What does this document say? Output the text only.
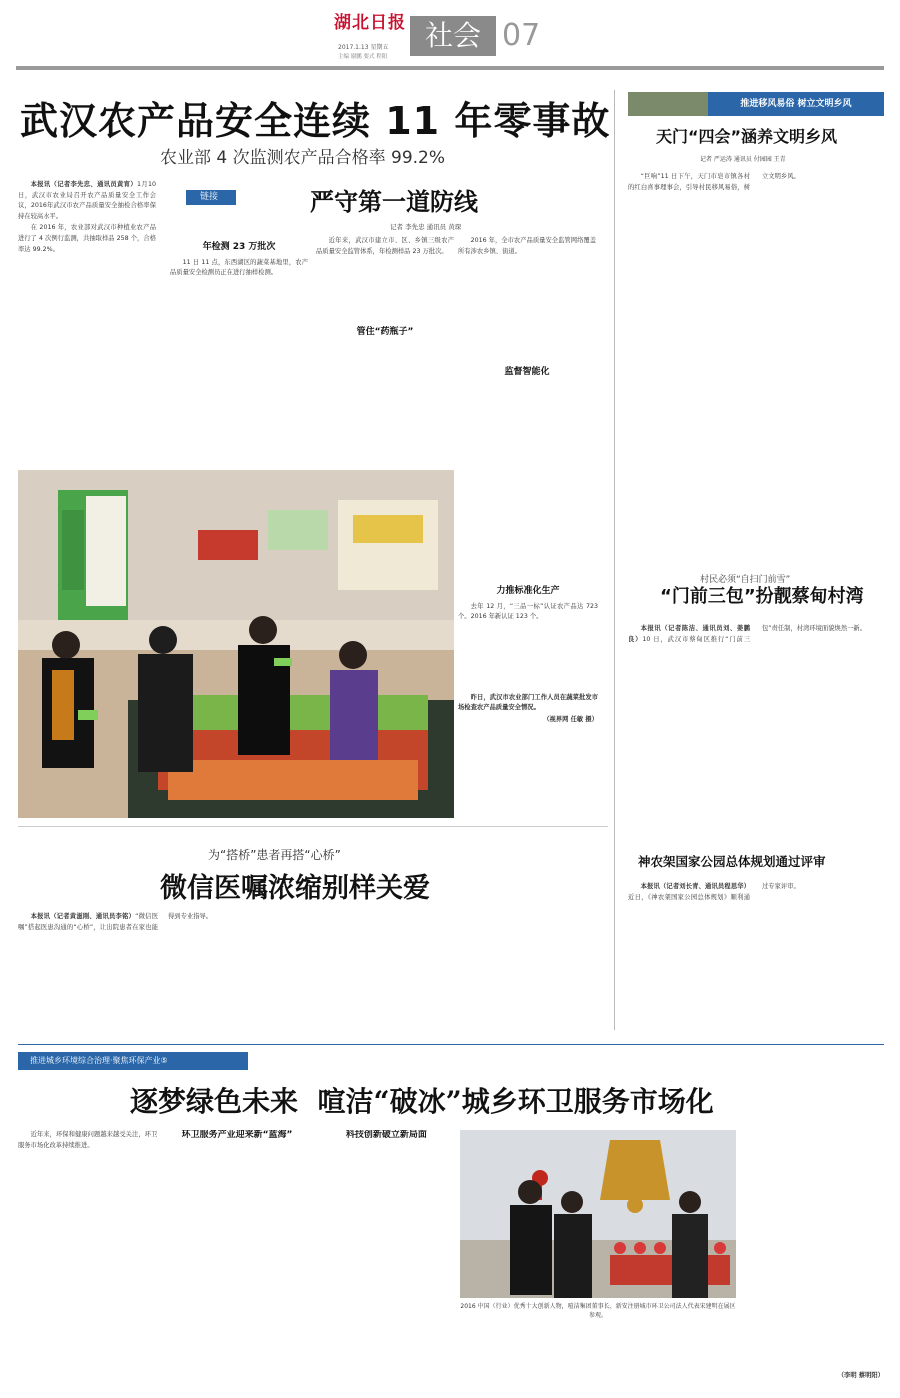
湖北日报
2017.1.13 星期五
主编 谢鹏 要式 程阳
社会 07
武汉农产品安全连续 11 年零事故
农业部 4 次监测农产品合格率 99.2%

本报讯（记者李先忠、通讯员黄宵）1月10日，武汉市农业局召开农产品质量安全工作会议，2016年武汉市农产品质量安全抽检合格率保持在较高水平。

在 2016 年，农业部对武汉市种植业农产品进行了 4 次例行监测，共抽取样品 258 个，合格率达 99.2%。

链接	严守第一道防线
记者 李先忠 通讯员 黄琛
年检测 23 万批次

11 日 11 点，东西湖区的蔬菜基地里，农产品质量安全检测员正在进行抽样检测。

近年来，武汉市建立市、区、乡镇三级农产品质量安全监管体系，年检测样品 23 万批次。

管住“药瓶子”

2016 年，全市农产品质量安全监管网络覆盖所有涉农乡镇、街道。

监督智能化
力推标准化生产

去年 12 月，“三品一标”认证农产品达 723 个。2016 年新认证 123 个。

昨日，武汉市农业部门工作人员在蔬菜批发市场检查农产品质量安全情况。

（视界网 任敏 摄）

推进移风易俗 树立文明乡风
天门“四会”涵养文明乡风
记者 严运涛 通讯员 付园园 王青

“巨响”11 日下午，天门市皂市镇各村的红白喜事理事会，引导村民移风易俗，树立文明乡风。

村民必须“自扫门前雪”
“门前三包”扮靓蔡甸村湾

本报讯（记者陈洁、通讯员刘、姜鹏良）10 日，武汉市蔡甸区推行“门前三包”责任制，村湾环境面貌焕然一新。

神农架国家公园总体规划通过评审

本报讯（记者刘长青、通讯员程思华）近日，《神农架国家公园总体规划》顺利通过专家评审。

为“搭桥”患者再搭“心桥”
微信医嘱浓缩别样关爱

本报讯（记者黄滋刚、通讯员李铭）“微信医嘱”搭起医患沟通的“心桥”，让出院患者在家也能得到专业指导。

推进城乡环境综合治理·聚焦环保产业⑤
逐梦绿色未来  喧洁“破冰”城乡环卫服务市场化

近年来，环保和健康问题越来越受关注，环卫服务市场化改革持续推进。

环卫服务产业迎来新“蓝海”	科技创新破立新局面
2016 中国（行业）优秀十大创新人物，喧洁集团董事长、新安注册城市环卫公司法人代表宋建明在展区参观。

（李明 蔡明阳）
